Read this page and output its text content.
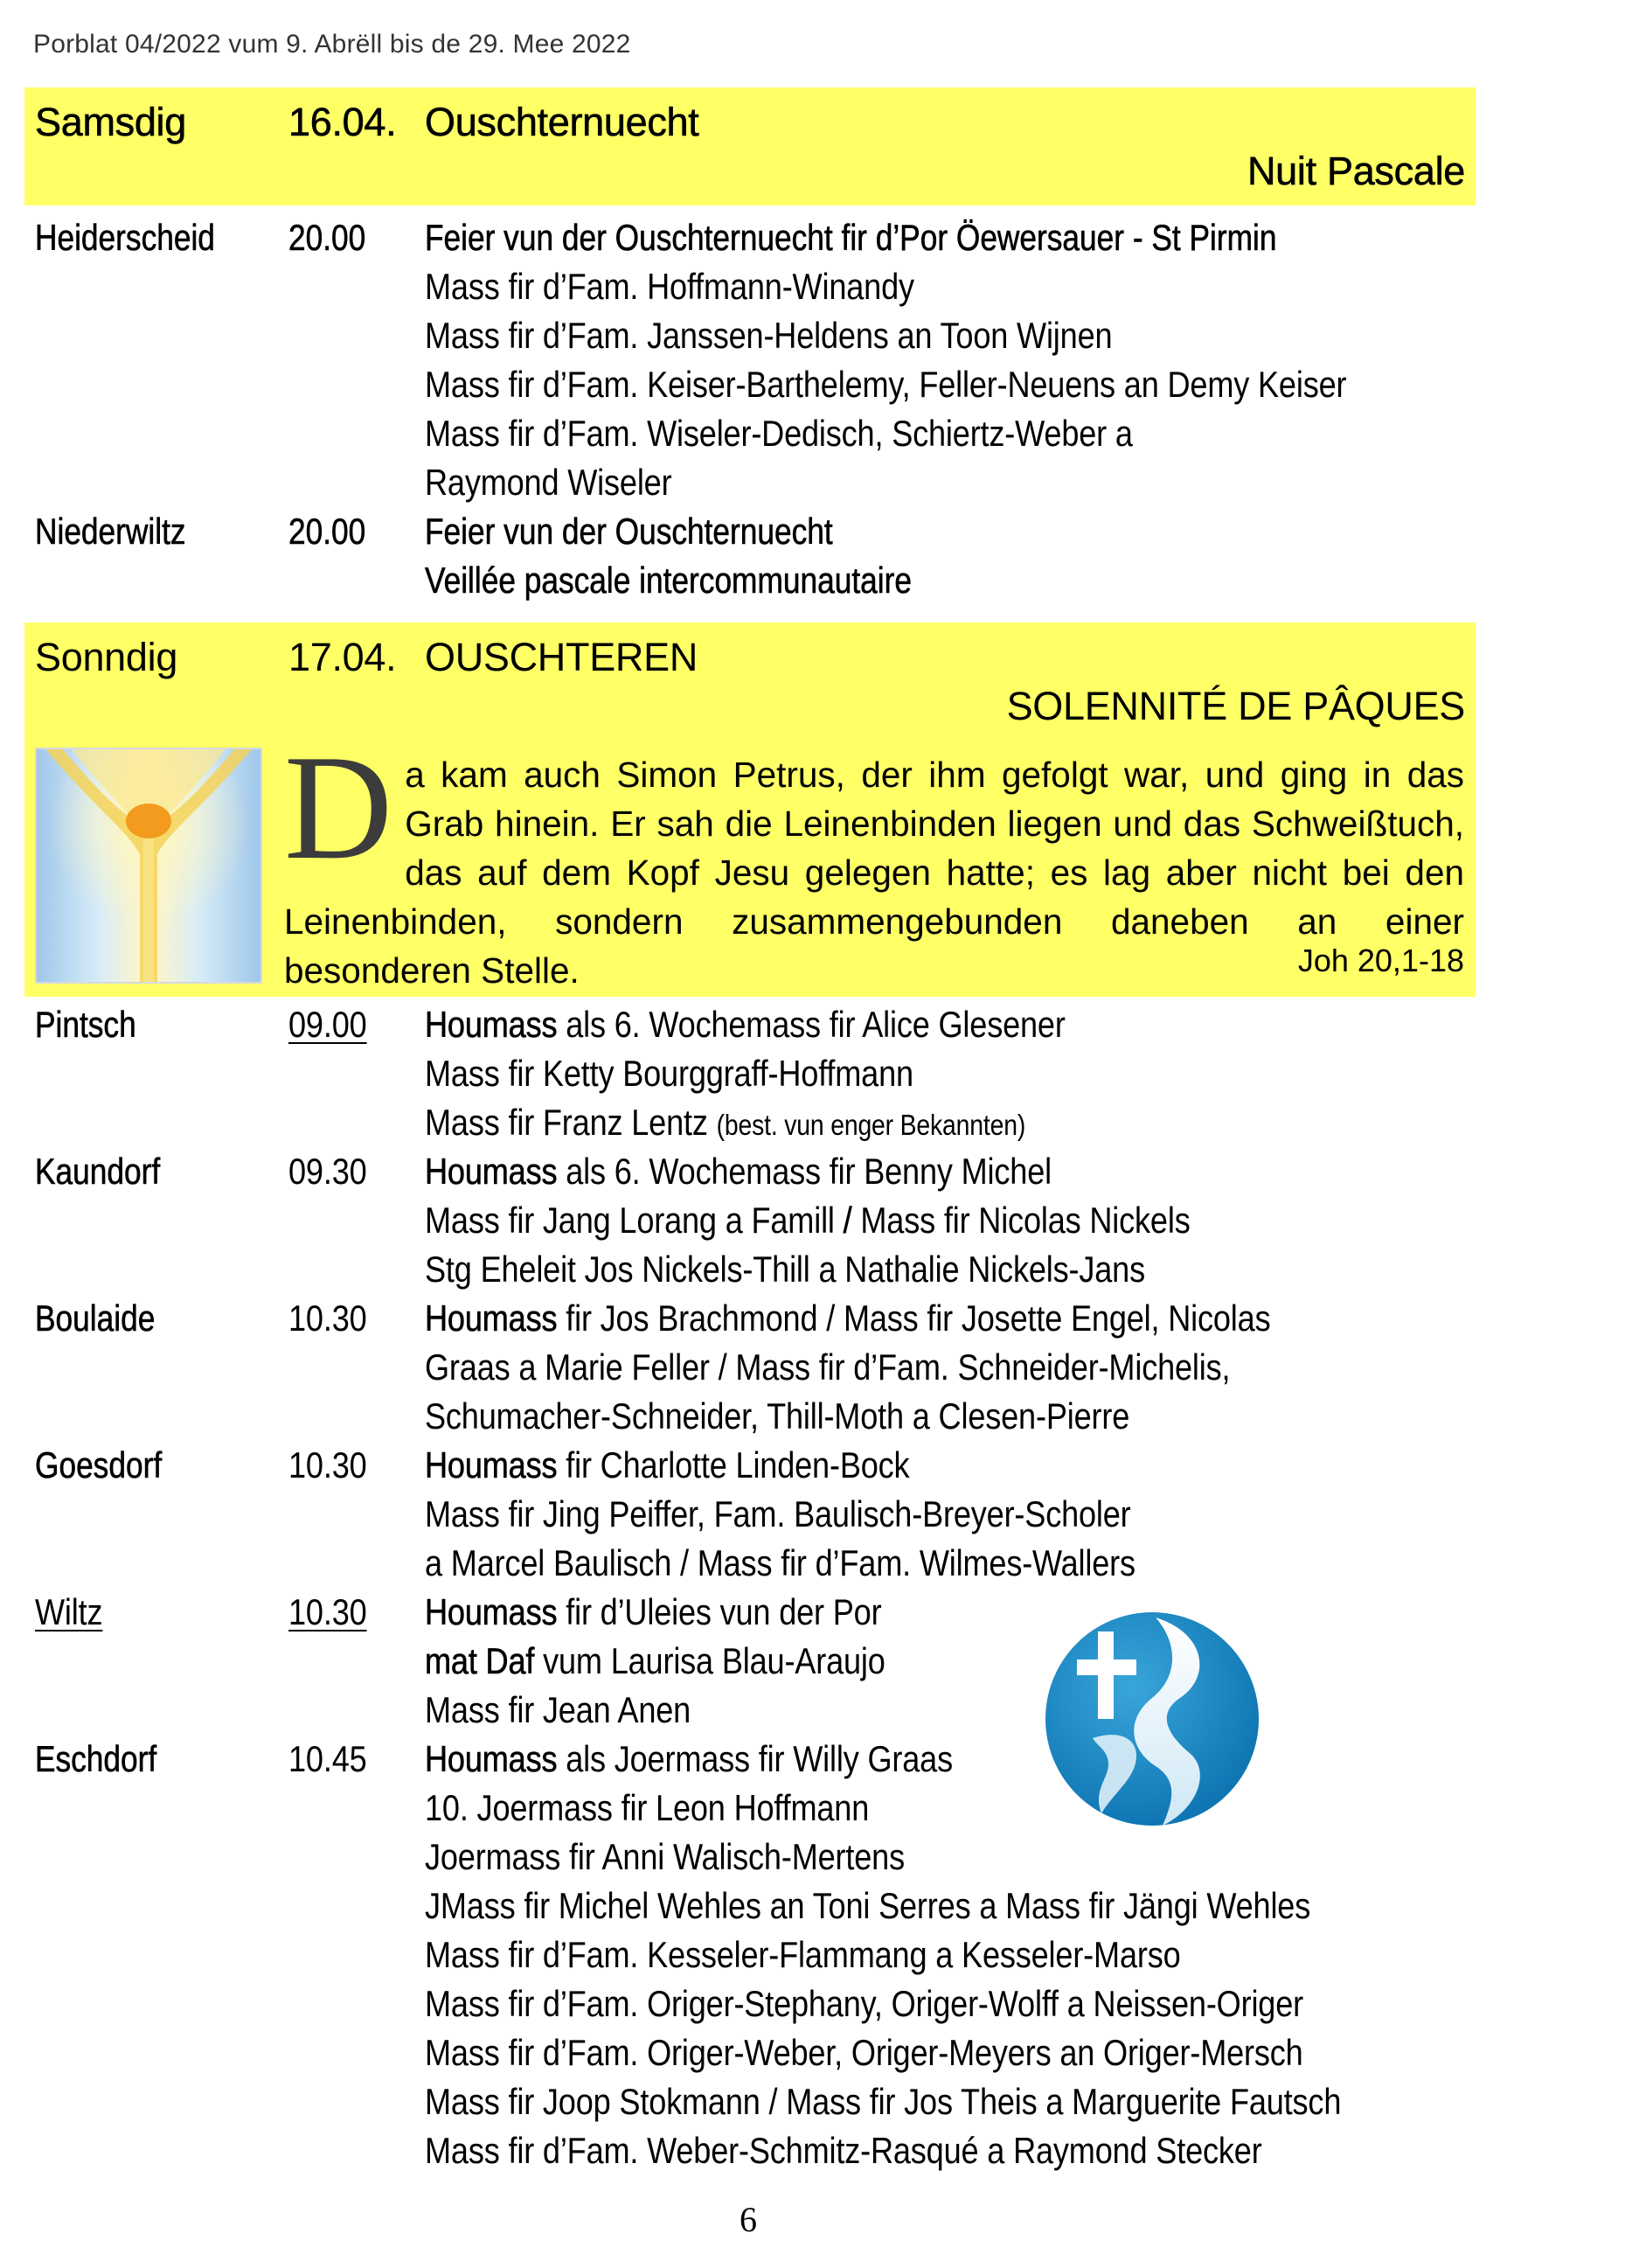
Porblat 04/2022 vum 9. Abrëll bis de 29. Mee 2022
Samsdig	16.04. Ouschternuecht
Nuit Pascale
Heiderscheid 20.00 Feier vun der Ouschternuecht fir d’Por Öewersauer - St Pirmin
Mass fir d’Fam. Hoffmann-Winandy
Mass fir d’Fam. Janssen-Heldens an Toon Wijnen
Mass fir d’Fam. Keiser-Barthelemy, Feller-Neuens an Demy Keiser
Mass fir d’Fam. Wiseler-Dedisch, Schiertz-Weber a
Raymond Wiseler
Niederwiltz	20.00 Feier vun der Ouschternuecht
Veillée pascale intercommunautaire
Sonndig	17.04. OUSCHTEREN
SOLENNITÉ DE PÂQUES
D a kam auch Simon Petrus, der ihm gefolgt war, und ging in das Grab hinein. Er sah die Leinenbinden liegen und das Schweißtuch, das auf dem Kopf Jesu gelegen hatte; es lag aber nicht bei den Leinenbinden, sondern zusammengebunden daneben an einer besonderen Stelle.	Joh 20,1-18
Pintsch	09.00 Houmass als 6. Wochemass fir Alice Glesener
Mass fir Ketty Bourggraff-Hoffmann
Mass fir Franz Lentz (best. vun enger Bekannten)
Kaundorf	09.30 Houmass als 6. Wochemass fir Benny Michel
Mass fir Jang Lorang a Famill / Mass fir Nicolas Nickels
Stg Eheleit Jos Nickels-Thill a Nathalie Nickels-Jans
Boulaide	10.30 Houmass fir Jos Brachmond / Mass fir Josette Engel, Nicolas
Graas a Marie Feller / Mass fir d’Fam. Schneider-Michelis,
Schumacher-Schneider, Thill-Moth a Clesen-Pierre
Goesdorf	10.30 Houmass fir Charlotte Linden-Bock
Mass fir Jing Peiffer, Fam. Baulisch-Breyer-Scholer
a Marcel Baulisch / Mass fir d’Fam. Wilmes-Wallers
Wiltz	10.30 Houmass fir d’Uleies vun der Por
mat Daf vum Laurisa Blau-Araujo
Mass fir Jean Anen
Eschdorf	10.45 Houmass als Joermass fir Willy Graas
10. Joermass fir Leon Hoffmann
Joermass fir Anni Walisch-Mertens
JMass fir Michel Wehles an Toni Serres a Mass fir Jängi Wehles
Mass fir d’Fam. Kesseler-Flammang a Kesseler-Marso
Mass fir d’Fam. Origer-Stephany, Origer-Wolff a Neissen-Origer
Mass fir d’Fam. Origer-Weber, Origer-Meyers an Origer-Mersch
Mass fir Joop Stokmann / Mass fir Jos Theis a Marguerite Fautsch
Mass fir d’Fam. Weber-Schmitz-Rasqué a Raymond Stecker
6
